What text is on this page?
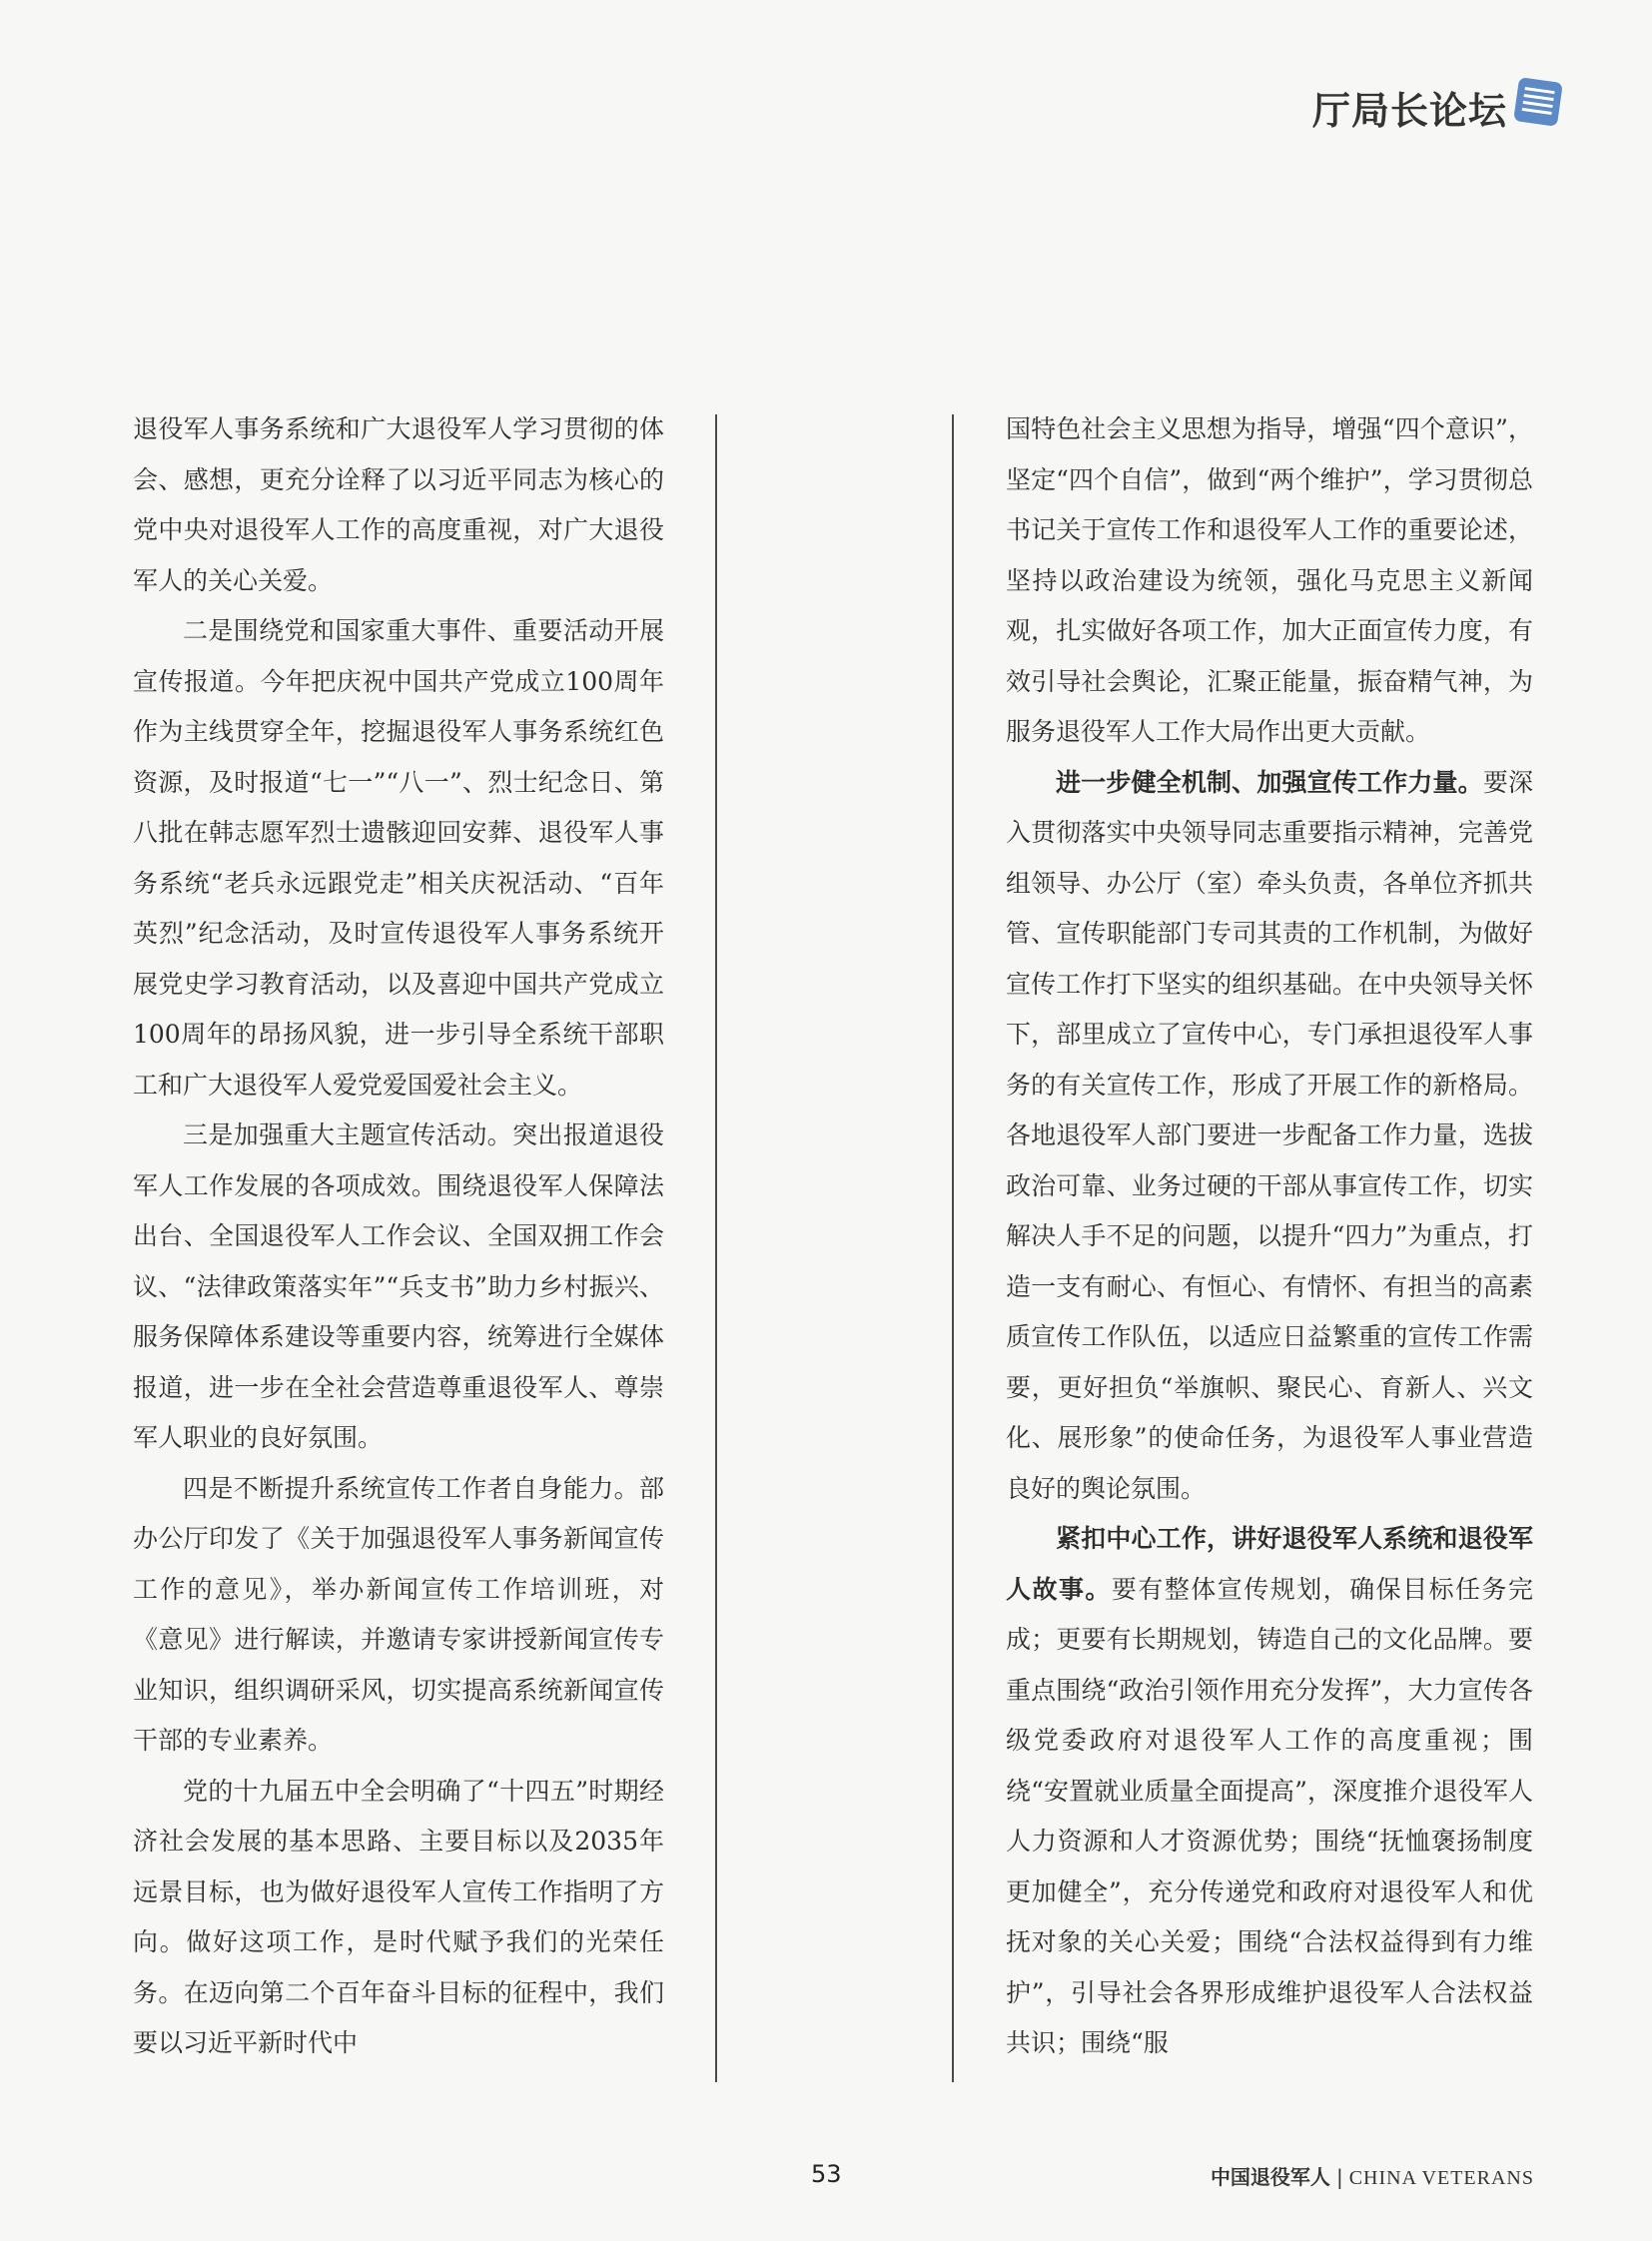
厅局长论坛

退役军人事务系统和广大退役军人学习贯彻的体会、感想，更充分诠释了以习近平同志为核心的党中央对退役军人工作的高度重视，对广大退役军人的关心关爱。

二是围绕党和国家重大事件、重要活动开展宣传报道。今年把庆祝中国共产党成立100周年作为主线贯穿全年，挖掘退役军人事务系统红色资源，及时报道“七一”“八一”、烈士纪念日、第八批在韩志愿军烈士遗骸迎回安葬、退役军人事务系统“老兵永远跟党走”相关庆祝活动、“百年英烈”纪念活动，及时宣传退役军人事务系统开展党史学习教育活动，以及喜迎中国共产党成立100周年的昂扬风貌，进一步引导全系统干部职工和广大退役军人爱党爱国爱社会主义。

三是加强重大主题宣传活动。突出报道退役军人工作发展的各项成效。围绕退役军人保障法出台、全国退役军人工作会议、全国双拥工作会议、“法律政策落实年”“兵支书”助力乡村振兴、服务保障体系建设等重要内容，统筹进行全媒体报道，进一步在全社会营造尊重退役军人、尊崇军人职业的良好氛围。

四是不断提升系统宣传工作者自身能力。部办公厅印发了《关于加强退役军人事务新闻宣传工作的意见》，举办新闻宣传工作培训班，对《意见》进行解读，并邀请专家讲授新闻宣传专业知识，组织调研采风，切实提高系统新闻宣传干部的专业素养。

党的十九届五中全会明确了“十四五”时期经济社会发展的基本思路、主要目标以及2035年远景目标，也为做好退役军人宣传工作指明了方向。做好这项工作，是时代赋予我们的光荣任务。在迈向第二个百年奋斗目标的征程中，我们要以习近平新时代中

国特色社会主义思想为指导，增强“四个意识”，坚定“四个自信”，做到“两个维护”，学习贯彻总书记关于宣传工作和退役军人工作的重要论述，坚持以政治建设为统领，强化马克思主义新闻观，扎实做好各项工作，加大正面宣传力度，有效引导社会舆论，汇聚正能量，振奋精气神，为服务退役军人工作大局作出更大贡献。

进一步健全机制、加强宣传工作力量。要深入贯彻落实中央领导同志重要指示精神，完善党组领导、办公厅（室）牵头负责，各单位齐抓共管、宣传职能部门专司其责的工作机制，为做好宣传工作打下坚实的组织基础。在中央领导关怀下，部里成立了宣传中心，专门承担退役军人事务的有关宣传工作，形成了开展工作的新格局。各地退役军人部门要进一步配备工作力量，选拔政治可靠、业务过硬的干部从事宣传工作，切实解决人手不足的问题，以提升“四力”为重点，打造一支有耐心、有恒心、有情怀、有担当的高素质宣传工作队伍，以适应日益繁重的宣传工作需要，更好担负“举旗帜、聚民心、育新人、兴文化、展形象”的使命任务，为退役军人事业营造良好的舆论氛围。

紧扣中心工作，讲好退役军人系统和退役军人故事。要有整体宣传规划，确保目标任务完成；更要有长期规划，铸造自己的文化品牌。要重点围绕“政治引领作用充分发挥”，大力宣传各级党委政府对退役军人工作的高度重视；围绕“安置就业质量全面提高”，深度推介退役军人人力资源和人才资源优势；围绕“抚恤褒扬制度更加健全”，充分传递党和政府对退役军人和优抚对象的关心关爱；围绕“合法权益得到有力维护”，引导社会各界形成维护退役军人合法权益共识；围绕“服

53	中国退役军人 | CHINA VETERANS
